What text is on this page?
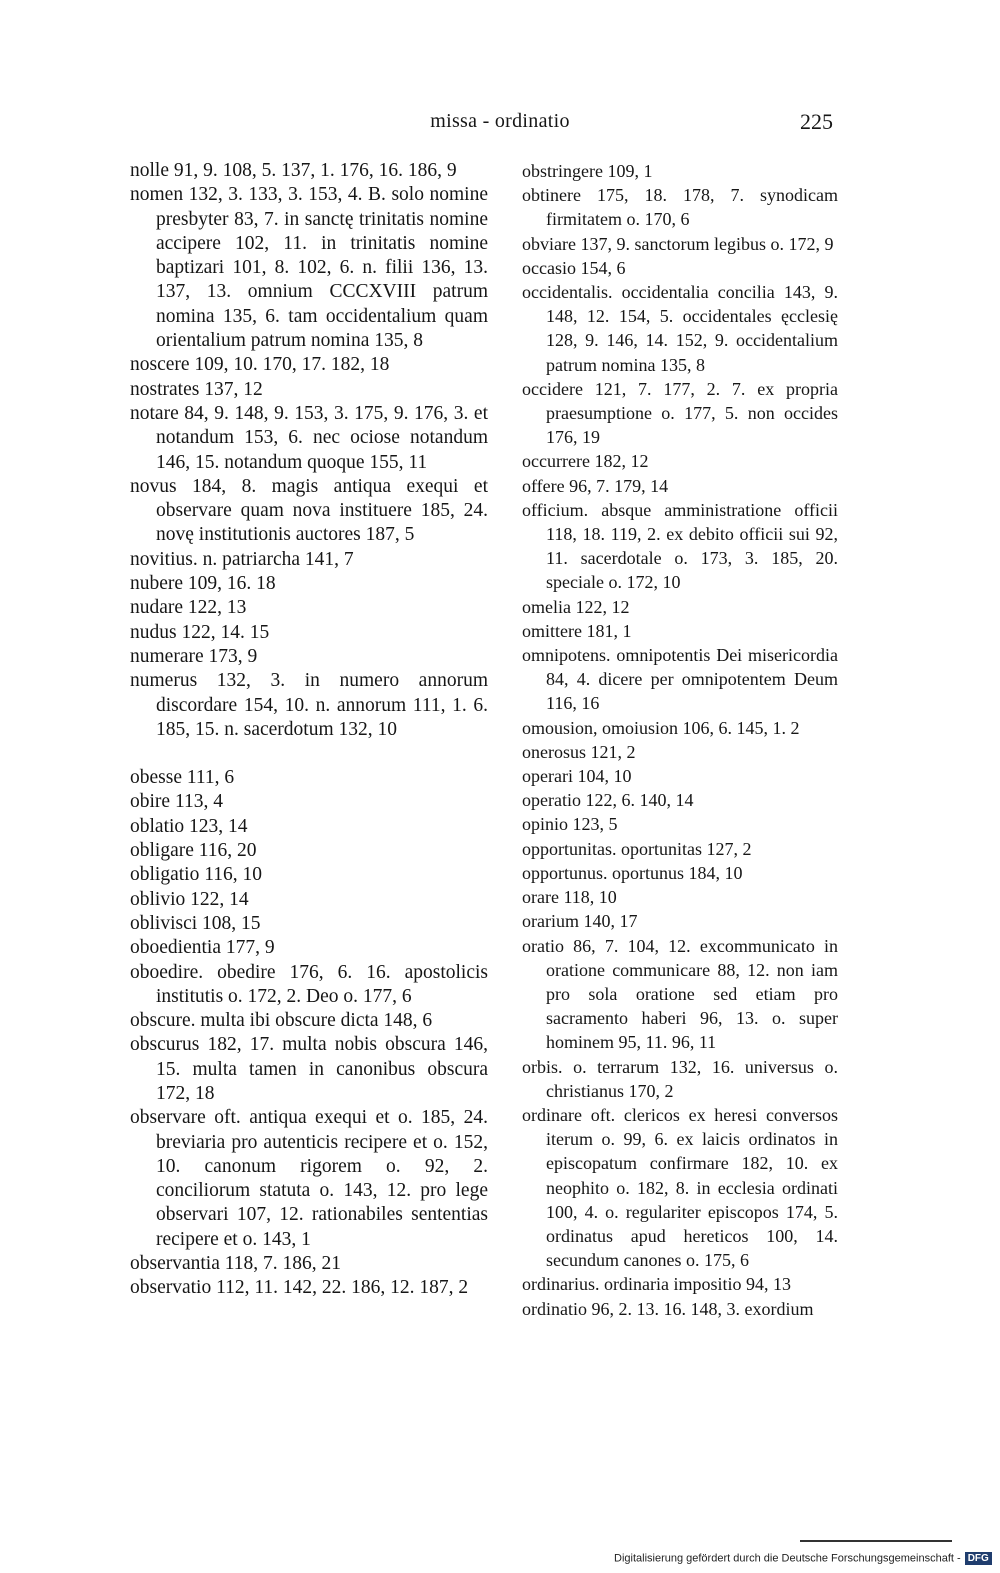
missa - ordinatio	225
nolle 91, 9. 108, 5. 137, 1. 176, 16. 186, 9
nomen 132, 3. 133, 3. 153, 4. B. solo nomine presbyter 83, 7. in sanctę trinitatis nomine accipere 102, 11. in trinitatis nomine baptizari 101, 8. 102, 6. n. filii 136, 13. 137, 13. omnium CCCXVIII patrum nomina 135, 6. tam occidentalium quam orientalium patrum nomina 135, 8
noscere 109, 10. 170, 17. 182, 18
nostrates 137, 12
notare 84, 9. 148, 9. 153, 3. 175, 9. 176, 3. et notandum 153, 6. nec ociose notandum 146, 15. notandum quoque 155, 11
novus 184, 8. magis antiqua exequi et observare quam nova instituere 185, 24. novę institutionis auctores 187, 5
novitius. n. patriarcha 141, 7
nubere 109, 16. 18
nudare 122, 13
nudus 122, 14. 15
numerare 173, 9
numerus 132, 3. in numero annorum discordare 154, 10. n. annorum 111, 1. 6. 185, 15. n. sacerdotum 132, 10
obesse 111, 6
obire 113, 4
oblatio 123, 14
obligare 116, 20
obligatio 116, 10
oblivio 122, 14
oblivisci 108, 15
oboedientia 177, 9
oboedire. obedire 176, 6. 16. apostolicis institutis o. 172, 2. Deo o. 177, 6
obscure. multa ibi obscure dicta 148, 6
obscurus 182, 17. multa nobis obscura 146, 15. multa tamen in canonibus obscura 172, 18
observare oft. antiqua exequi et o. 185, 24. breviaria pro autenticis recipere et o. 152, 10. canonum rigorem o. 92, 2. conciliorum statuta o. 143, 12. pro lege observari 107, 12. rationabiles sententias recipere et o. 143, 1
observantia 118, 7. 186, 21
observatio 112, 11. 142, 22. 186, 12. 187, 2
obstringere 109, 1
obtinere 175, 18. 178, 7. synodicam firmitatem o. 170, 6
obviare 137, 9. sanctorum legibus o. 172, 9
occasio 154, 6
occidentalis. occidentalia concilia 143, 9. 148, 12. 154, 5. occidentales ęcclesię 128, 9. 146, 14. 152, 9. occidentalium patrum nomina 135, 8
occidere 121, 7. 177, 2. 7. ex propria praesumptione o. 177, 5. non occides 176, 19
occurrere 182, 12
offere 96, 7. 179, 14
officium. absque amministratione officii 118, 18. 119, 2. ex debito officii sui 92, 11. sacerdotale o. 173, 3. 185, 20. speciale o. 172, 10
omelia 122, 12
omittere 181, 1
omnipotens. omnipotentis Dei misericordia 84, 4. dicere per omnipotentem Deum 116, 16
omousion, omoiusion 106, 6. 145, 1. 2
onerosus 121, 2
operari 104, 10
operatio 122, 6. 140, 14
opinio 123, 5
opportunitas. oportunitas 127, 2
opportunus. oportunus 184, 10
orare 118, 10
orarium 140, 17
oratio 86, 7. 104, 12. excommunicato in oratione communicare 88, 12. non iam pro sola oratione sed etiam pro sacramento haberi 96, 13. o. super hominem 95, 11. 96, 11
orbis. o. terrarum 132, 16. universus o. christianus 170, 2
ordinare oft. clericos ex heresi conversos iterum o. 99, 6. ex laicis ordinatos in episcopatum confirmare 182, 10. ex neophito o. 182, 8. in ecclesia ordinati 100, 4. o. regulariter episcopos 174, 5. ordinatus apud hereticos 100, 14. secundum canones o. 175, 6
ordinarius. ordinaria impositio 94, 13
ordinatio 96, 2. 13. 16. 148, 3. exordium
Digitalisierung gefördert durch die Deutsche Forschungsgemeinschaft - DFG
